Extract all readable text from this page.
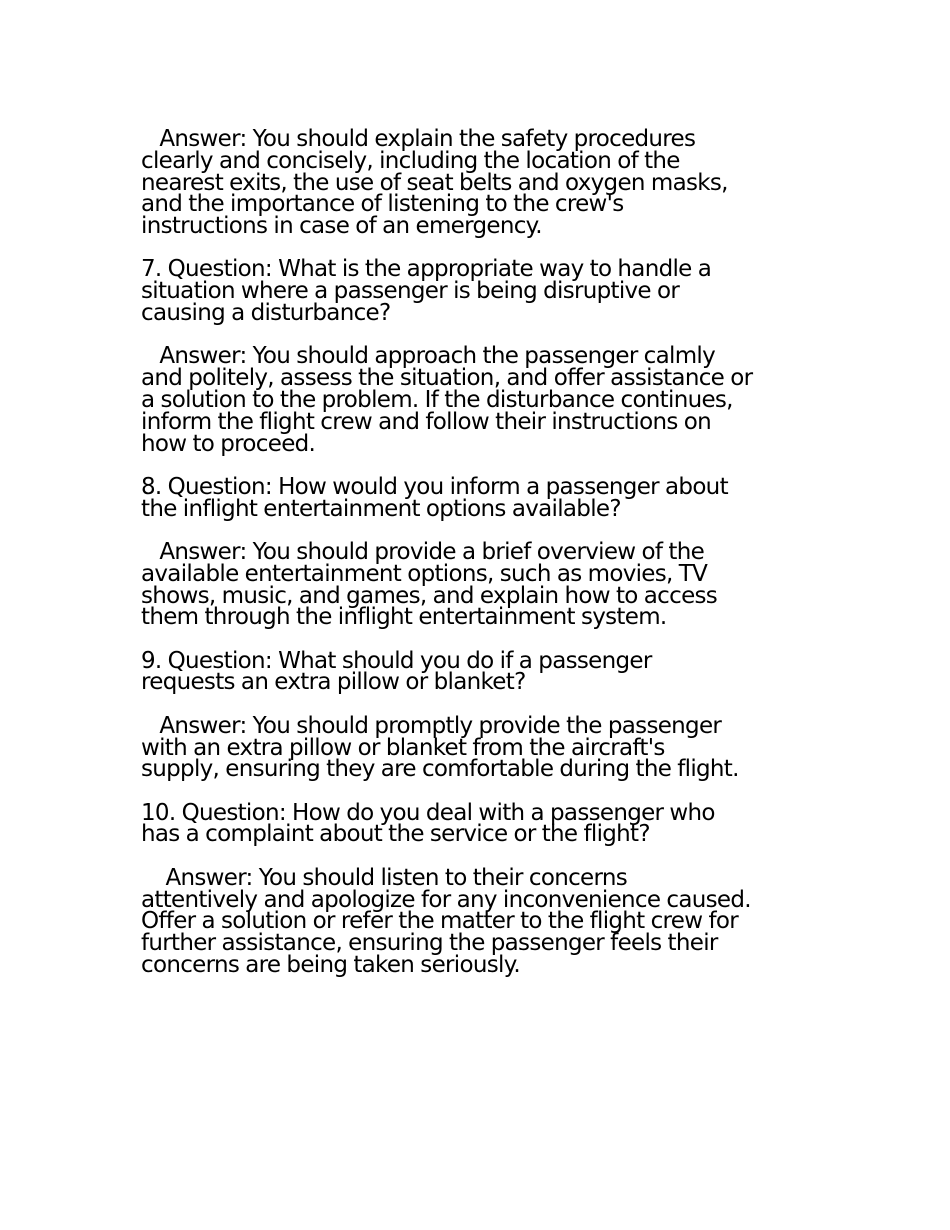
Answer: You should explain the safety procedures
clearly and concisely, including the location of the
nearest exits, the use of seat belts and oxygen masks,
and the importance of listening to the crew's
instructions in case of an emergency.

7. Question: What is the appropriate way to handle a
situation where a passenger is being disruptive or
causing a disturbance?

Answer: You should approach the passenger calmly
and politely, assess the situation, and offer assistance or
a solution to the problem. If the disturbance continues,
inform the flight crew and follow their instructions on
how to proceed.

8. Question: How would you inform a passenger about
the inflight entertainment options available?

Answer: You should provide a brief overview of the
available entertainment options, such as movies, TV
shows, music, and games, and explain how to access
them through the inflight entertainment system.

9. Question: What should you do if a passenger
requests an extra pillow or blanket?

Answer: You should promptly provide the passenger
with an extra pillow or blanket from the aircraft's
supply, ensuring they are comfortable during the flight.

10. Question: How do you deal with a passenger who
has a complaint about the service or the flight?

Answer: You should listen to their concerns
attentively and apologize for any inconvenience caused.
Offer a solution or refer the matter to the flight crew for
further assistance, ensuring the passenger feels their
concerns are being taken seriously.
